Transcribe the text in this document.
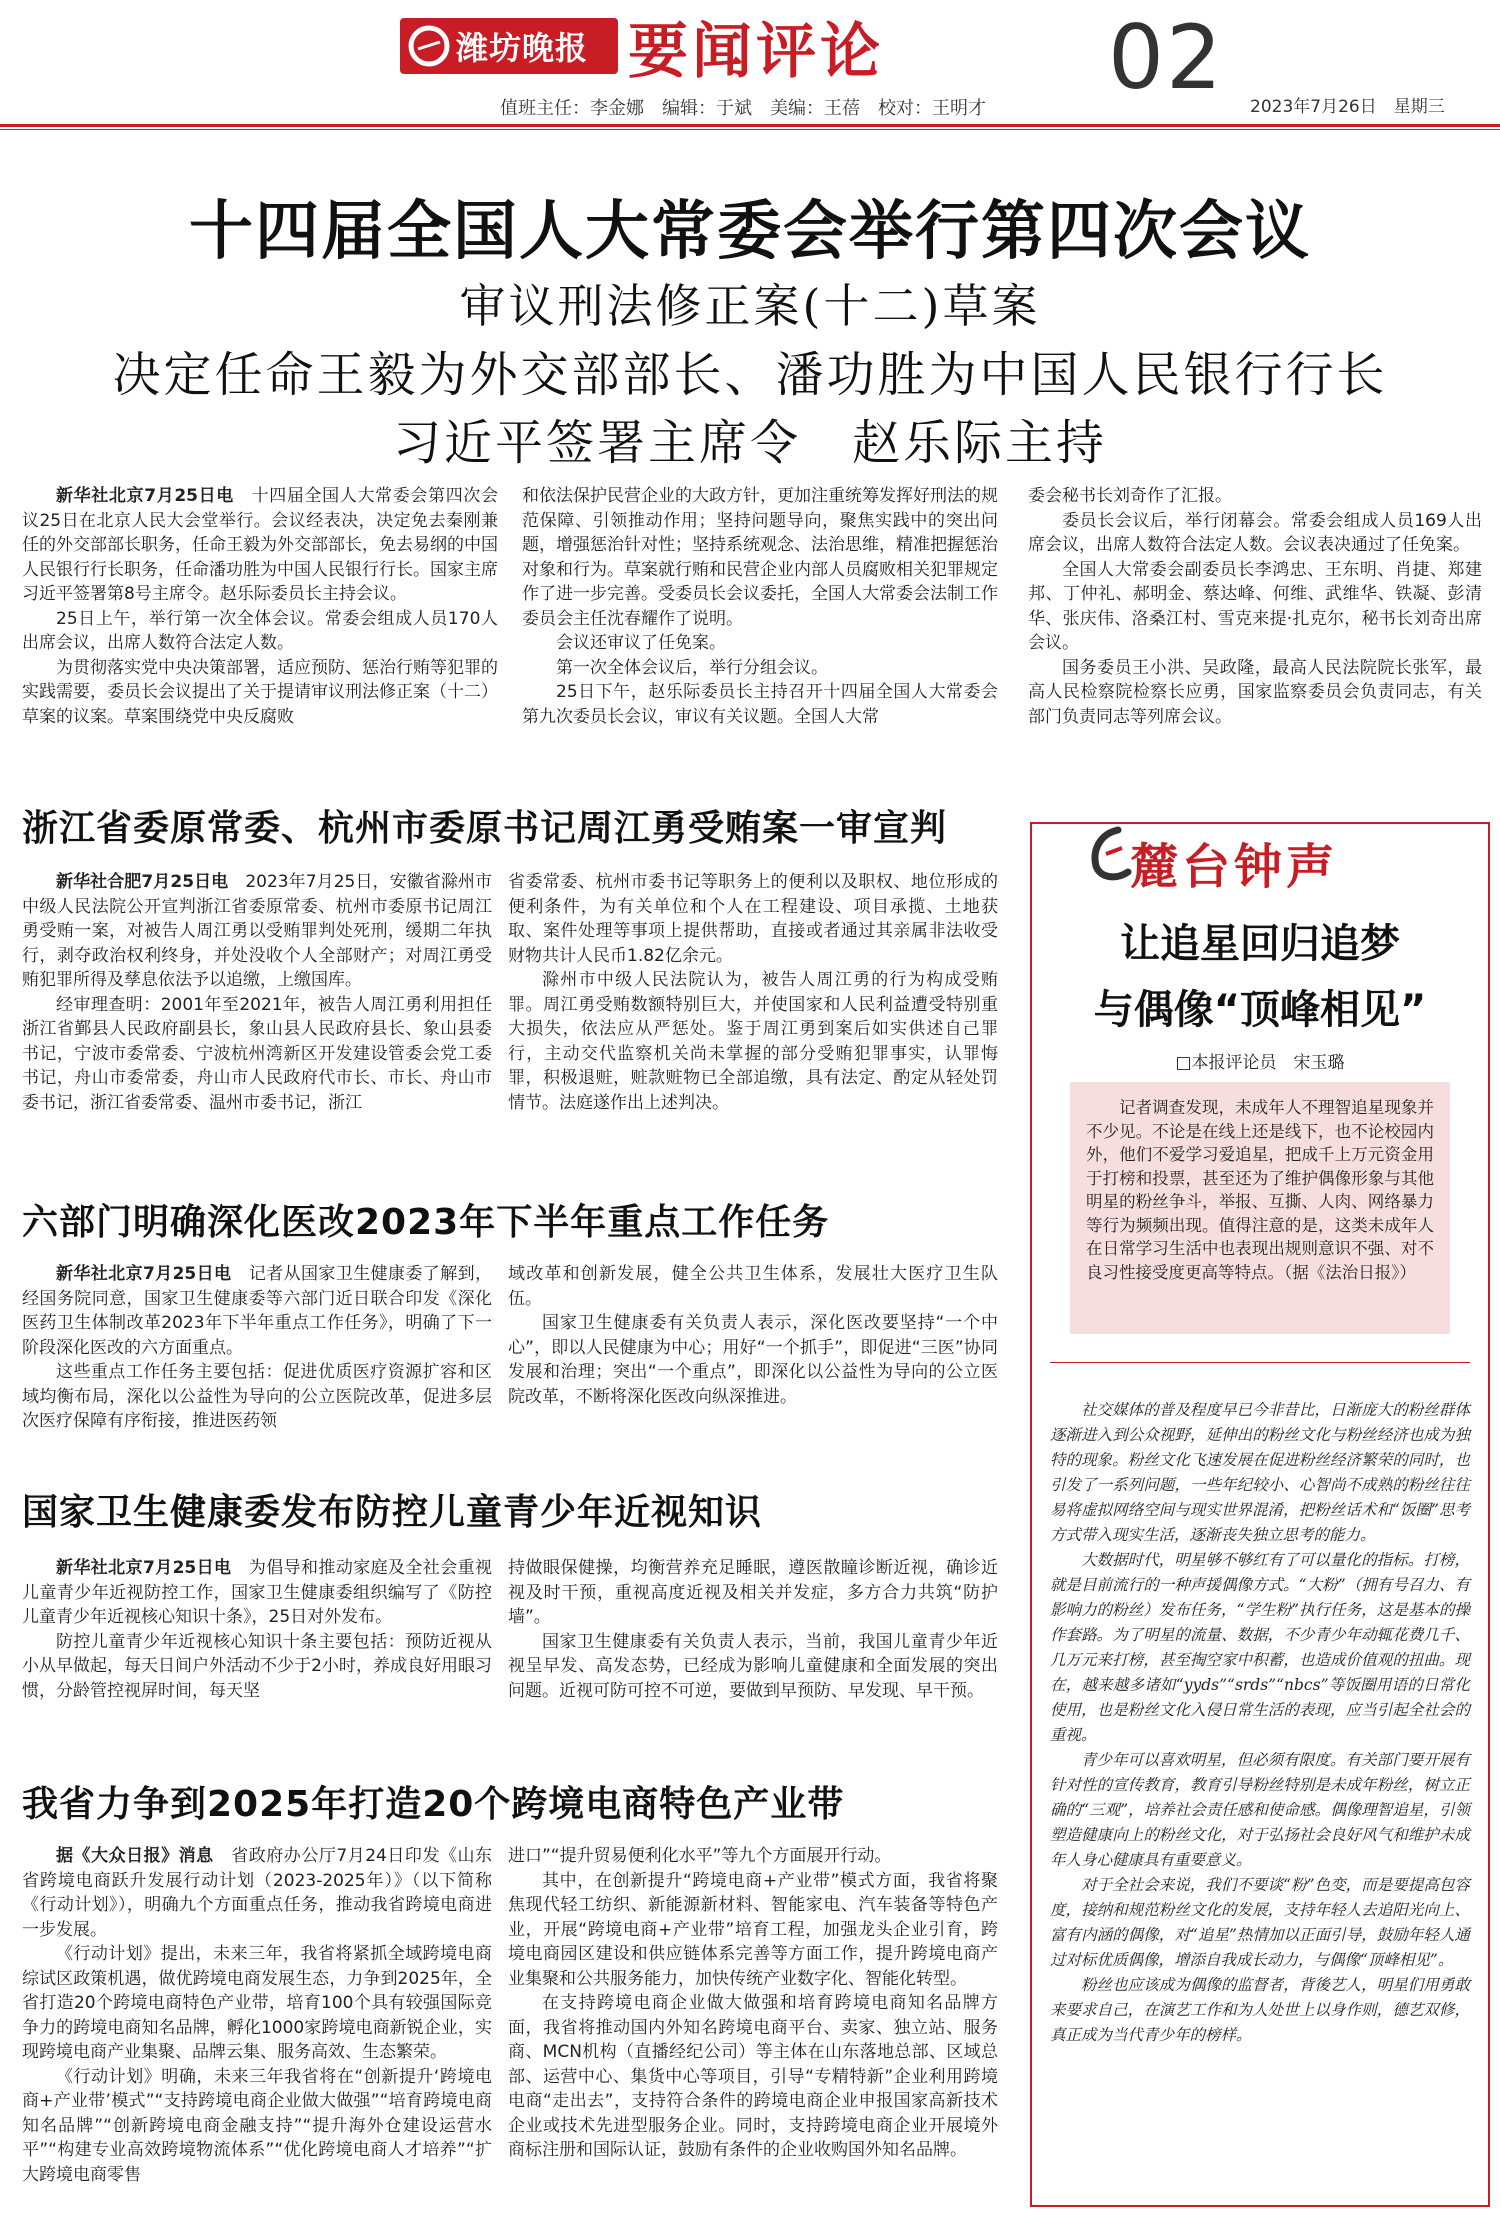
潍坊晚报 要闻评论	02 2023年7月26日　星期三
值班主任：李金娜　编辑：于斌　美编：王蓓　校对：王明才
十四届全国人大常委会举行第四次会议
审议刑法修正案(十二)草案
决定任命王毅为外交部部长、潘功胜为中国人民银行行长
习近平签署主席令　赵乐际主持

新华社北京7月25日电　十四届全国人大常委会第四次会议25日在北京人民大会堂举行。会议经表决，决定免去秦刚兼任的外交部部长职务，任命王毅为外交部部长，免去易纲的中国人民银行行长职务，任命潘功胜为中国人民银行行长。国家主席习近平签署第8号主席令。赵乐际委员长主持会议。

25日上午，举行第一次全体会议。常委会组成人员170人出席会议，出席人数符合法定人数。

为贯彻落实党中央决策部署，适应预防、惩治行贿等犯罪的实践需要，委员长会议提出了关于提请审议刑法修正案（十二）草案的议案。草案围绕党中央反腐败

和依法保护民营企业的大政方针，更加注重统筹发挥好刑法的规范保障、引领推动作用；坚持问题导向，聚焦实践中的突出问题，增强惩治针对性；坚持系统观念、法治思维，精准把握惩治对象和行为。草案就行贿和民营企业内部人员腐败相关犯罪规定作了进一步完善。受委员长会议委托，全国人大常委会法制工作委员会主任沈春耀作了说明。

会议还审议了任免案。

第一次全体会议后，举行分组会议。

25日下午，赵乐际委员长主持召开十四届全国人大常委会第九次委员长会议，审议有关议题。全国人大常

委会秘书长刘奇作了汇报。

委员长会议后，举行闭幕会。常委会组成人员169人出席会议，出席人数符合法定人数。会议表决通过了任免案。

全国人大常委会副委员长李鸿忠、王东明、肖捷、郑建邦、丁仲礼、郝明金、蔡达峰、何维、武维华、铁凝、彭清华、张庆伟、洛桑江村、雪克来提·扎克尔，秘书长刘奇出席会议。

国务委员王小洪、吴政隆，最高人民法院院长张军，最高人民检察院检察长应勇，国家监察委员会负责同志，有关部门负责同志等列席会议。

浙江省委原常委、杭州市委原书记周江勇受贿案一审宣判

新华社合肥7月25日电　2023年7月25日，安徽省滁州市中级人民法院公开宣判浙江省委原常委、杭州市委原书记周江勇受贿一案，对被告人周江勇以受贿罪判处死刑，缓期二年执行，剥夺政治权利终身，并处没收个人全部财产；对周江勇受贿犯罪所得及孳息依法予以追缴，上缴国库。

经审理查明：2001年至2021年，被告人周江勇利用担任浙江省鄞县人民政府副县长，象山县人民政府县长、象山县委书记，宁波市委常委、宁波杭州湾新区开发建设管委会党工委书记，舟山市委常委，舟山市人民政府代市长、市长、舟山市委书记，浙江省委常委、温州市委书记，浙江

省委常委、杭州市委书记等职务上的便利以及职权、地位形成的便利条件，为有关单位和个人在工程建设、项目承揽、土地获取、案件处理等事项上提供帮助，直接或者通过其亲属非法收受财物共计人民币1.82亿余元。

滁州市中级人民法院认为，被告人周江勇的行为构成受贿罪。周江勇受贿数额特别巨大，并使国家和人民利益遭受特别重大损失，依法应从严惩处。鉴于周江勇到案后如实供述自己罪行，主动交代监察机关尚未掌握的部分受贿犯罪事实，认罪悔罪，积极退赃，赃款赃物已全部追缴，具有法定、酌定从轻处罚情节。法庭遂作出上述判决。

六部门明确深化医改2023年下半年重点工作任务

新华社北京7月25日电　记者从国家卫生健康委了解到，经国务院同意，国家卫生健康委等六部门近日联合印发《深化医药卫生体制改革2023年下半年重点工作任务》，明确了下一阶段深化医改的六方面重点。

这些重点工作任务主要包括：促进优质医疗资源扩容和区域均衡布局，深化以公益性为导向的公立医院改革，促进多层次医疗保障有序衔接，推进医药领

域改革和创新发展，健全公共卫生体系，发展壮大医疗卫生队伍。

国家卫生健康委有关负责人表示，深化医改要坚持“一个中心”，即以人民健康为中心；用好“一个抓手”，即促进“三医”协同发展和治理；突出“一个重点”，即深化以公益性为导向的公立医院改革，不断将深化医改向纵深推进。

国家卫生健康委发布防控儿童青少年近视知识

新华社北京7月25日电　为倡导和推动家庭及全社会重视儿童青少年近视防控工作，国家卫生健康委组织编写了《防控儿童青少年近视核心知识十条》，25日对外发布。

防控儿童青少年近视核心知识十条主要包括：预防近视从小从早做起，每天日间户外活动不少于2小时，养成良好用眼习惯，分龄管控视屏时间，每天坚

持做眼保健操，均衡营养充足睡眠，遵医散瞳诊断近视，确诊近视及时干预，重视高度近视及相关并发症，多方合力共筑“防护墙”。

国家卫生健康委有关负责人表示，当前，我国儿童青少年近视呈早发、高发态势，已经成为影响儿童健康和全面发展的突出问题。近视可防可控不可逆，要做到早预防、早发现、早干预。

我省力争到2025年打造20个跨境电商特色产业带

据《大众日报》消息　省政府办公厅7月24日印发《山东省跨境电商跃升发展行动计划（2023-2025年）》（以下简称《行动计划》），明确九个方面重点任务，推动我省跨境电商进一步发展。

《行动计划》提出，未来三年，我省将紧抓全域跨境电商综试区政策机遇，做优跨境电商发展生态，力争到2025年，全省打造20个跨境电商特色产业带，培育100个具有较强国际竞争力的跨境电商知名品牌，孵化1000家跨境电商新锐企业，实现跨境电商产业集聚、品牌云集、服务高效、生态繁荣。

《行动计划》明确，未来三年我省将在“创新提升‘跨境电商+产业带’模式”“支持跨境电商企业做大做强”“培育跨境电商知名品牌”“创新跨境电商金融支持”“提升海外仓建设运营水平”“构建专业高效跨境物流体系”“优化跨境电商人才培养”“扩大跨境电商零售

进口”“提升贸易便利化水平”等九个方面展开行动。

其中，在创新提升“跨境电商+产业带”模式方面，我省将聚焦现代轻工纺织、新能源新材料、智能家电、汽车装备等特色产业，开展“跨境电商+产业带”培育工程，加强龙头企业引育，跨境电商园区建设和供应链体系完善等方面工作，提升跨境电商产业集聚和公共服务能力，加快传统产业数字化、智能化转型。

在支持跨境电商企业做大做强和培育跨境电商知名品牌方面，我省将推动国内外知名跨境电商平台、卖家、独立站、服务商、MCN机构（直播经纪公司）等主体在山东落地总部、区域总部、运营中心、集货中心等项目，引导“专精特新”企业利用跨境电商“走出去”，支持符合条件的跨境电商企业申报国家高新技术企业或技术先进型服务企业。同时，支持跨境电商企业开展境外商标注册和国际认证，鼓励有条件的企业收购国外知名品牌。

麓台钟声
让追星回归追梦
与偶像“顶峰相见”
□本报评论员　宋玉璐

记者调查发现，未成年人不理智追星现象并不少见。不论是在线上还是线下，也不论校园内外，他们不爱学习爱追星，把成千上万元资金用于打榜和投票，甚至还为了维护偶像形象与其他明星的粉丝争斗，举报、互撕、人肉、网络暴力等行为频频出现。值得注意的是，这类未成年人在日常学习生活中也表现出规则意识不强、对不良习性接受度更高等特点。（据《法治日报》）

社交媒体的普及程度早已今非昔比，日渐庞大的粉丝群体逐渐进入到公众视野，延伸出的粉丝文化与粉丝经济也成为独特的现象。粉丝文化飞速发展在促进粉丝经济繁荣的同时，也引发了一系列问题，一些年纪较小、心智尚不成熟的粉丝往往易将虚拟网络空间与现实世界混淆，把粉丝话术和“饭圈”思考方式带入现实生活，逐渐丧失独立思考的能力。

大数据时代，明星够不够红有了可以量化的指标。打榜，就是目前流行的一种声援偶像方式。“大粉”（拥有号召力、有影响力的粉丝）发布任务，“学生粉”执行任务，这是基本的操作套路。为了明星的流量、数据，不少青少年动辄花费几千、几万元来打榜，甚至掏空家中积蓄，也造成价值观的扭曲。现在，越来越多诸如“yyds”“srds”“nbcs”等饭圈用语的日常化使用，也是粉丝文化入侵日常生活的表现，应当引起全社会的重视。

青少年可以喜欢明星，但必须有限度。有关部门要开展有针对性的宣传教育，教育引导粉丝特别是未成年粉丝，树立正确的“三观”，培养社会责任感和使命感。偶像理智追星，引领塑造健康向上的粉丝文化，对于弘扬社会良好风气和维护未成年人身心健康具有重要意义。

对于全社会来说，我们不要谈“粉”色变，而是要提高包容度，接纳和规范粉丝文化的发展，支持年轻人去追阳光向上、富有内涵的偶像，对“追星”热情加以正面引导，鼓励年轻人通过对标优质偶像，增添自我成长动力，与偶像“顶峰相见”。

粉丝也应该成为偶像的监督者，背後艺人，明星们用勇敢来要求自己，在演艺工作和为人处世上以身作则，德艺双修，真正成为当代青少年的榜样。
